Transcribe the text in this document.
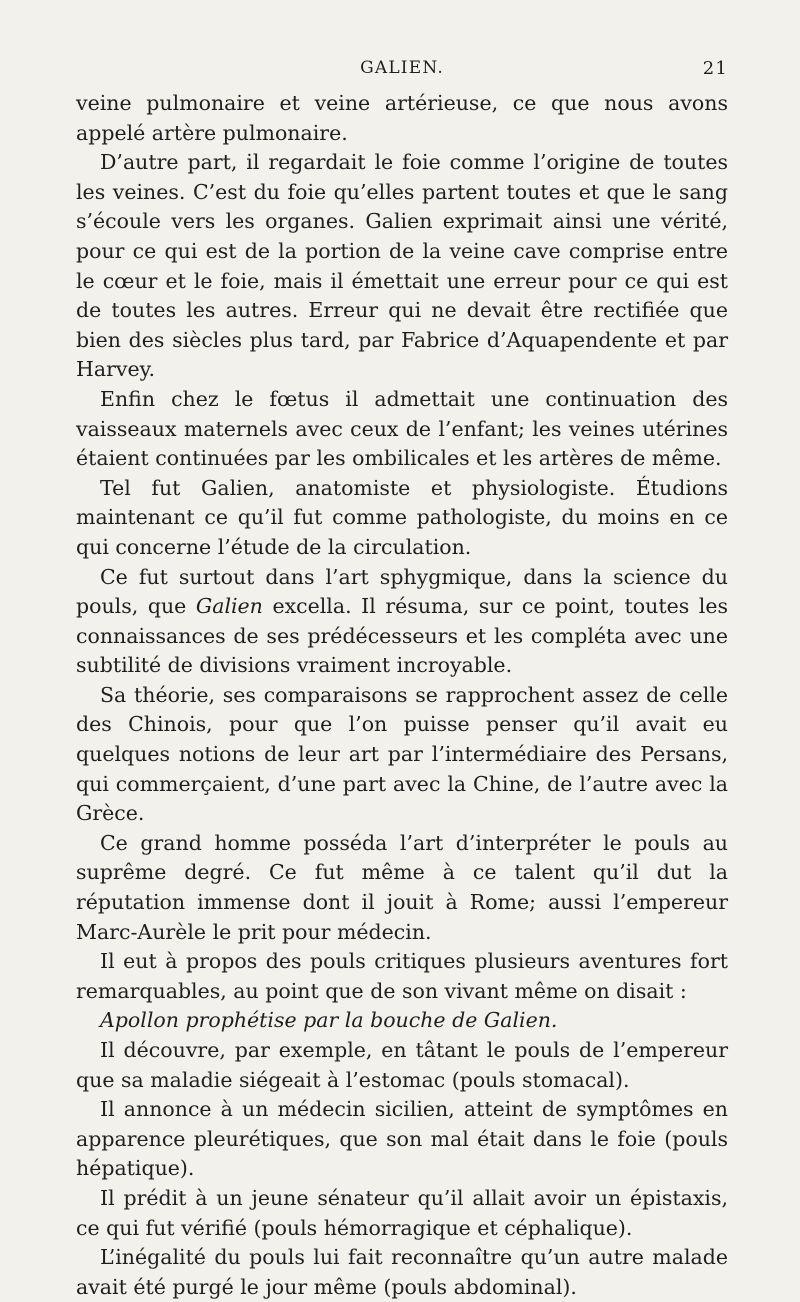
GALIEN.	21

veine pulmonaire et veine artérieuse, ce que nous avons appelé artère pulmonaire.

D’autre part, il regardait le foie comme l’origine de toutes les veines. C’est du foie qu’elles partent toutes et que le sang s’écoule vers les organes. Galien exprimait ainsi une vérité, pour ce qui est de la portion de la veine cave comprise entre le cœur et le foie, mais il émettait une erreur pour ce qui est de toutes les autres. Erreur qui ne devait être rectifiée que bien des siècles plus tard, par Fabrice d’Aquapendente et par Harvey.

Enfin chez le fœtus il admettait une continuation des vaisseaux maternels avec ceux de l’enfant; les veines utérines étaient continuées par les ombilicales et les artères de même.

Tel fut Galien, anatomiste et physiologiste. Étudions maintenant ce qu’il fut comme pathologiste, du moins en ce qui concerne l’étude de la circulation.

Ce fut surtout dans l’art sphygmique, dans la science du pouls, que Galien excella. Il résuma, sur ce point, toutes les connaissances de ses prédécesseurs et les compléta avec une subtilité de divisions vraiment incroyable.

Sa théorie, ses comparaisons se rapprochent assez de celle des Chinois, pour que l’on puisse penser qu’il avait eu quelques notions de leur art par l’intermédiaire des Persans, qui commerçaient, d’une part avec la Chine, de l’autre avec la Grèce.

Ce grand homme posséda l’art d’interpréter le pouls au suprême degré. Ce fut même à ce talent qu’il dut la réputation immense dont il jouit à Rome; aussi l’empereur Marc-Aurèle le prit pour médecin.

Il eut à propos des pouls critiques plusieurs aventures fort remarquables, au point que de son vivant même on disait :

Apollon prophétise par la bouche de Galien.

Il découvre, par exemple, en tâtant le pouls de l’empereur que sa maladie siégeait à l’estomac (pouls stomacal).

Il annonce à un médecin sicilien, atteint de symptômes en apparence pleurétiques, que son mal était dans le foie (pouls hépatique).

Il prédit à un jeune sénateur qu’il allait avoir un épistaxis, ce qui fut vérifié (pouls hémorragique et céphalique).

L’inégalité du pouls lui fait reconnaître qu’un autre malade avait été purgé le jour même (pouls abdominal).
